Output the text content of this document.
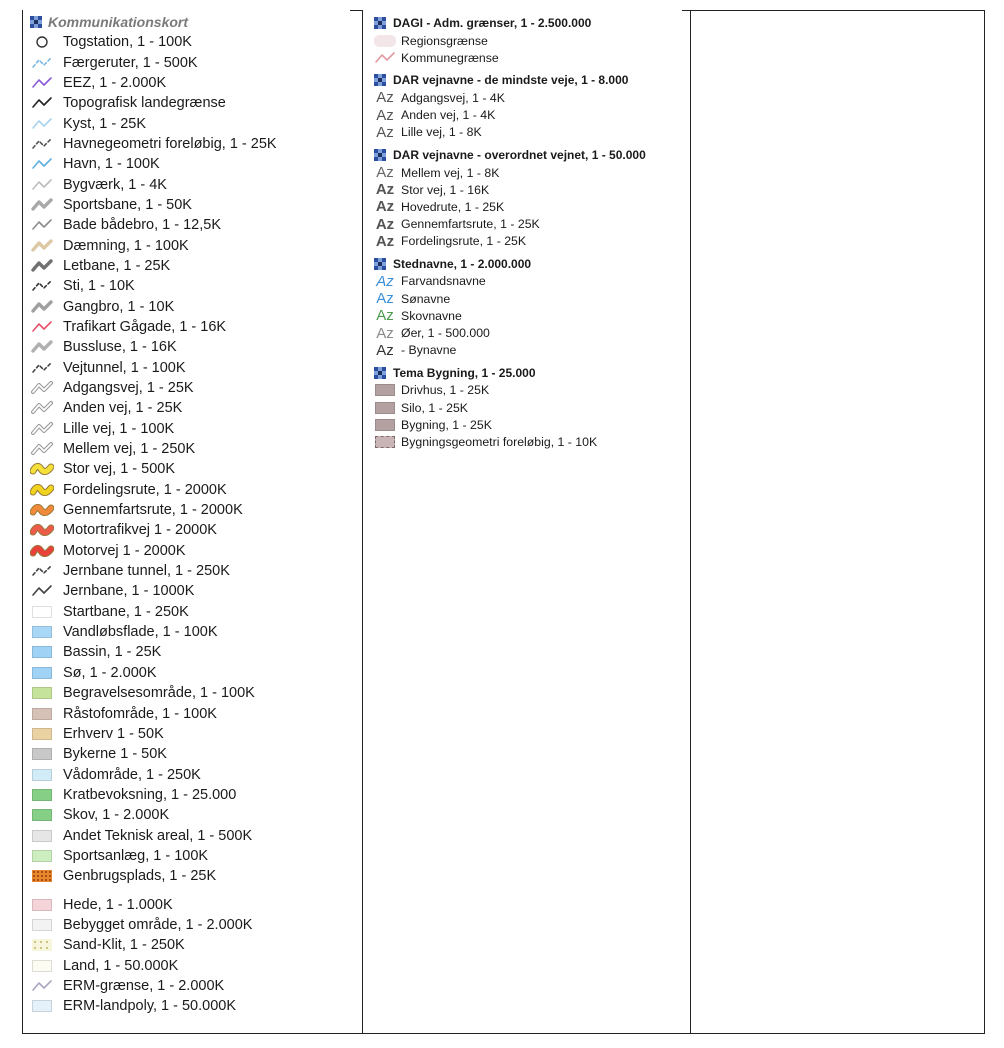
Kommunikationskort
Togstation, 1 - 100K
Færgeruter, 1 - 500K
EEZ, 1 - 2.000K
Topografisk landegrænse
Kyst, 1 - 25K
Havnegeometri foreløbig, 1 - 25K
Havn, 1 - 100K
Bygværk, 1 - 4K
Sportsbane, 1 - 50K
Bade bådebro, 1 - 12,5K
Dæmning, 1 - 100K
Letbane, 1 - 25K
Sti, 1 - 10K
Gangbro, 1 - 10K
Trafikart Gågade, 1 - 16K
Bussluse, 1 - 16K
Vejtunnel, 1 - 100K
Adgangsvej, 1 - 25K
Anden vej, 1 - 25K
Lille vej, 1 - 100K
Mellem vej, 1 - 250K
Stor vej, 1 - 500K
Fordelingsrute, 1 - 2000K
Gennemfartsrute, 1 - 2000K
Motortrafikvej 1 - 2000K
Motorvej 1 - 2000K
Jernbane tunnel, 1 - 250K
Jernbane, 1 - 1000K
Startbane, 1 - 250K
Vandløbsflade, 1 - 100K
Bassin, 1 - 25K
Sø, 1 - 2.000K
Begravelsesområde, 1 - 100K
Råstofområde, 1 - 100K
Erhverv 1 - 50K
Bykerne 1 - 50K
Vådområde, 1 - 250K
Kratbevoksning, 1 - 25.000
Skov, 1 - 2.000K
Andet Teknisk areal, 1 - 500K
Sportsanlæg, 1 - 100K
Genbrugsplads, 1 - 25K
Hede, 1 - 1.000K
Bebygget område, 1 - 2.000K
Sand-Klit, 1 - 250K
Land, 1 - 50.000K
ERM-grænse, 1 - 2.000K
ERM-landpoly, 1 - 50.000K
DAGI - Adm. grænser, 1 - 2.500.000
Regionsgrænse
Kommunegrænse
DAR vejnavne - de mindste veje, 1 - 8.000
Az Adgangsvej, 1 - 4K
Az Anden vej, 1 - 4K
Az Lille vej, 1 - 8K
DAR vejnavne - overordnet vejnet, 1 - 50.000
Az Mellem vej, 1 - 8K
Az Stor vej, 1 - 16K
Az Hovedrute, 1 - 25K
Az Gennemfartsrute, 1 - 25K
Az Fordelingsrute, 1 - 25K
Stednavne, 1 - 2.000.000
Az Farvandsnavne
Az Sønavne
Az Skovnavne
Az Øer, 1 - 500.000
Az - Bynavne
Tema Bygning, 1 - 25.000
Drivhus, 1 - 25K
Silo, 1 - 25K
Bygning, 1 - 25K
Bygningsgeometri foreløbig, 1 - 10K
